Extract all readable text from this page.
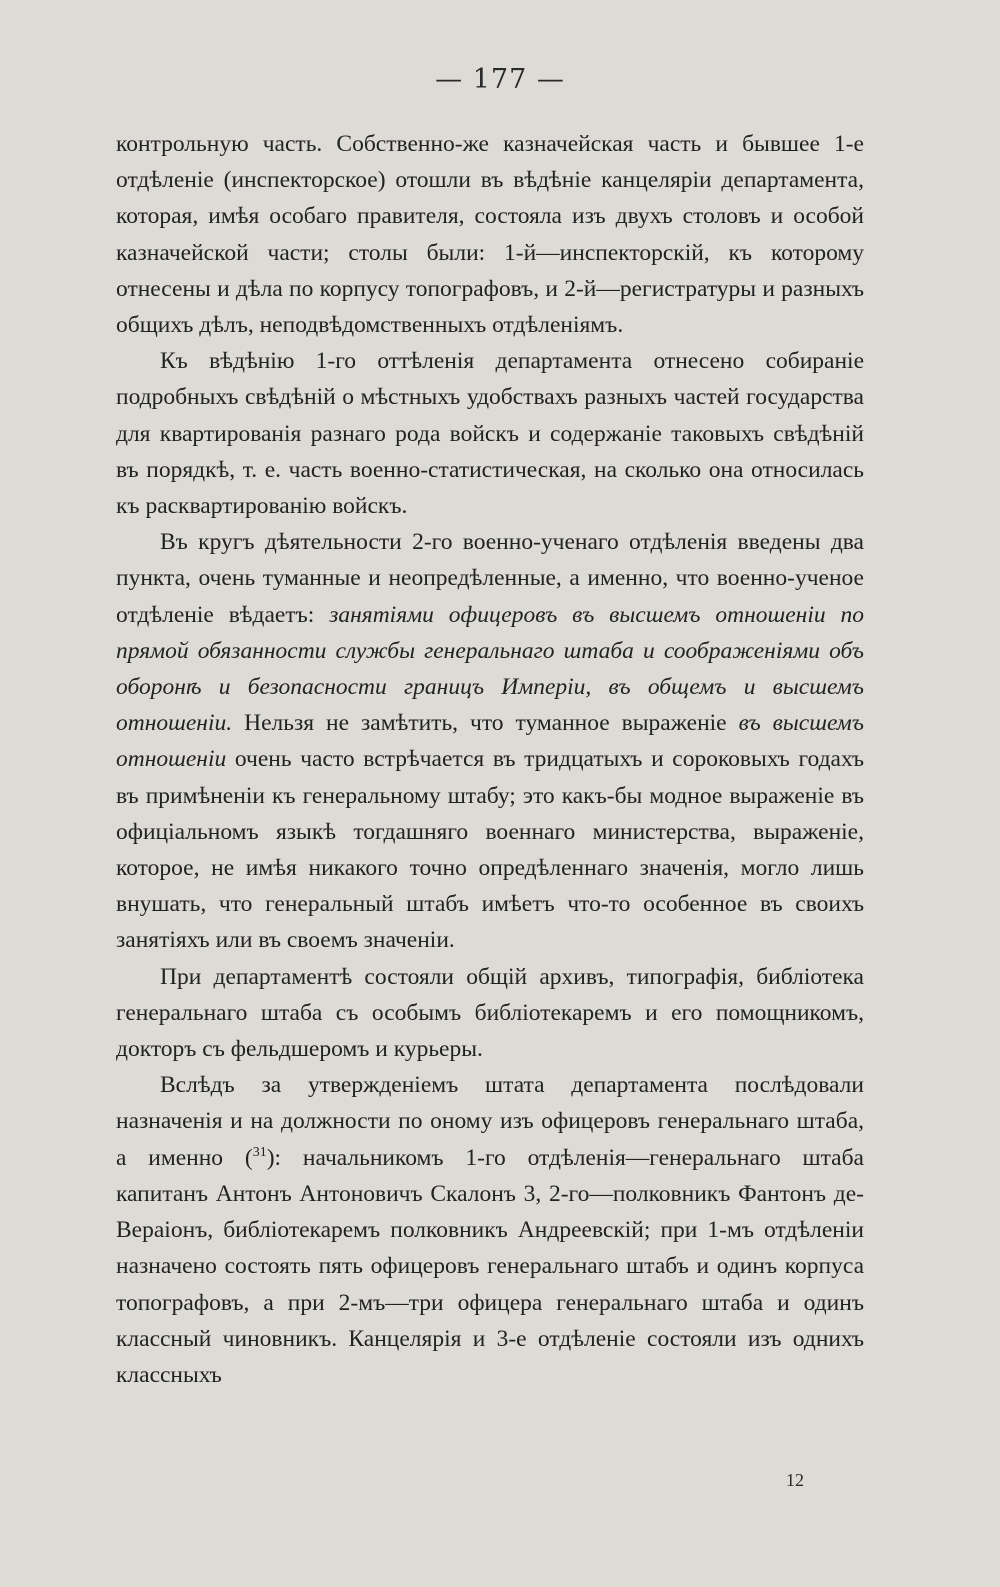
— 177 —

контрольную часть. Собственно-же казначейская часть и бывшее 1-е отдѣленіе (инспекторское) отошли въ вѣдѣніе канцеляріи департамента, которая, имѣя особаго правителя, состояла изъ двухъ столовъ и особой казначейской части; столы были: 1-й—инспекторскій, къ которому отнесены и дѣла по корпусу топографовъ, и 2-й—регистратуры и разныхъ общихъ дѣлъ, неподвѣдомственныхъ отдѣленіямъ.

Къ вѣдѣнію 1-го оттѣленія департамента отнесено собираніе подробныхъ свѣдѣній о мѣстныхъ удобствахъ разныхъ частей государства для квартированія разнаго рода войскъ и содержаніе таковыхъ свѣдѣній въ порядкѣ, т. е. часть военно-статистическая, на сколько она относилась къ расквартированію войскъ.

Въ кругъ дѣятельности 2-го военно-ученаго отдѣленія введены два пункта, очень туманные и неопредѣленные, а именно, что военно-ученое отдѣленіе вѣдаетъ: занятіями офицеровъ въ высшемъ отношеніи по прямой обязанности службы генеральнаго штаба и соображеніями объ оборонѣ и безопасности границъ Имперіи, въ общемъ и высшемъ отношеніи. Нельзя не замѣтить, что туманное выраженіе въ высшемъ отношеніи очень часто встрѣчается въ тридцатыхъ и сороковыхъ годахъ въ примѣненіи къ генеральному штабу; это какъ-бы модное выраженіе въ офиціальномъ языкѣ тогдашняго военнаго министерства, выраженіе, которое, не имѣя никакого точно опредѣленнаго значенія, могло лишь внушать, что генеральный штабъ имѣетъ что-то особенное въ своихъ занятіяхъ или въ своемъ значеніи.

При департаментѣ состояли общій архивъ, типографія, библіотека генеральнаго штаба съ особымъ библіотекаремъ и его помощникомъ, докторъ съ фельдшеромъ и курьеры.

Вслѣдъ за утвержденіемъ штата департамента послѣдовали назначенія и на должности по оному изъ офицеровъ генеральнаго штаба, а именно ($^{31}$): начальникомъ 1-го отдѣленія—генеральнаго штаба капитанъ Антонъ Антоновичъ Скалонъ 3, 2-го—полковникъ Фантонъ де-Вераіонъ, библіотекаремъ полковникъ Андреевскій; при 1-мъ отдѣленіи назначено состоять пять офицеровъ генеральнаго штабъ и одинъ корпуса топографовъ, а при 2-мъ—три офицера генеральнаго штаба и одинъ классный чиновникъ. Канцелярія и 3-е отдѣленіе состояли изъ однихъ классныхъ

12
